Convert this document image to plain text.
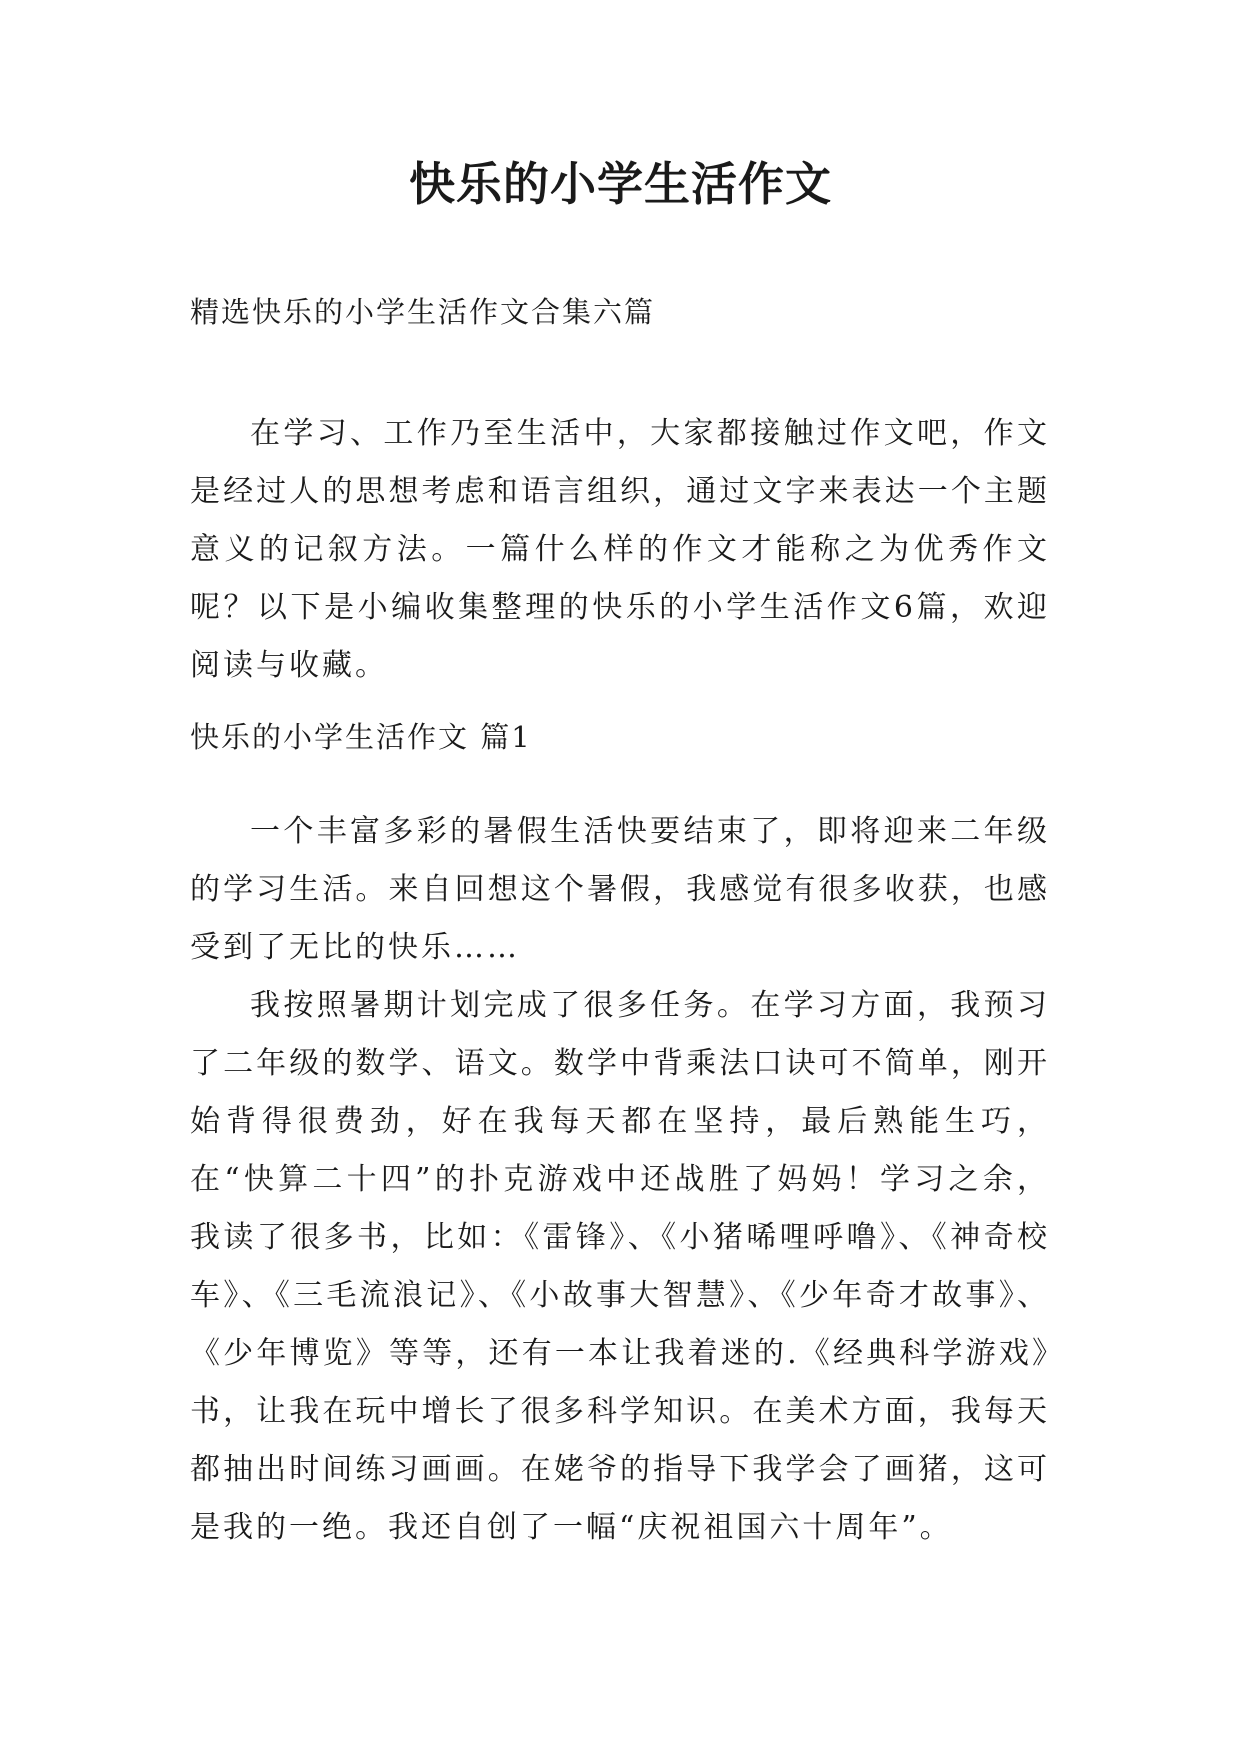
快乐的小学生活作文
精选快乐的小学生活作文合集六篇

在学习、工作乃至生活中，大家都接触过作文吧，作文是经过人的思想考虑和语言组织，通过文字来表达一个主题意义的记叙方法。一篇什么样的作文才能称之为优秀作文呢？以下是小编收集整理的快乐的小学生活作文6篇，欢迎阅读与收藏。

快乐的小学生活作文 篇1

一个丰富多彩的暑假生活快要结束了，即将迎来二年级的学习生活。来自回想这个暑假，我感觉有很多收获，也感受到了无比的快乐……

我按照暑期计划完成了很多任务。在学习方面，我预习了二年级的数学、语文。数学中背乘法口诀可不简单，刚开始背得很费劲，好在我每天都在坚持，最后熟能生巧，在“快算二十四”的扑克游戏中还战胜了妈妈！学习之余，我读了很多书，比如：《雷锋》、《小猪唏哩呼噜》、《神奇校车》、《三毛流浪记》、《小故事大智慧》、《少年奇才故事》、《少年博览》等等，还有一本让我着迷的.《经典科学游戏》书，让我在玩中增长了很多科学知识。在美术方面，我每天都抽出时间练习画画。在姥爷的指导下我学会了画猪，这可是我的一绝。我还自创了一幅“庆祝祖国六十周年”。
